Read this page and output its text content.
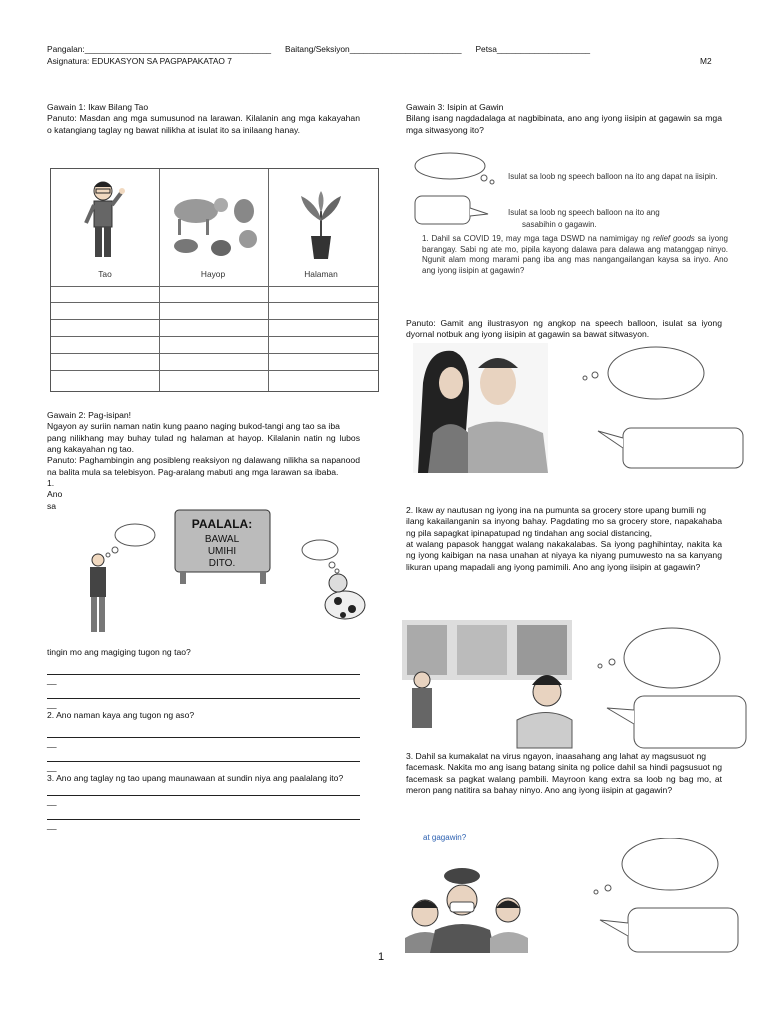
Pangalan:________________________________________      Baitang/Seksiyon________________________      Petsa____________________
Asignatura: EDUKASYON SA PAGPAPAKATAO 7	M2

Gawain 1: Ikaw Bilang Tao

Panuto: Masdan ang mga sumusunod na larawan. Kilalanin ang mga kakayahan o katangiang taglay ng bawat nilikha at isulat ito sa inilaang hanay.

Tao	Hayop	Halaman

Gawain 2: Pag-isipan!

Ngayon ay suriin naman natin kung paano naging bukod-tangi ang tao sa iba

pang nilikhang may buhay tulad ng halaman at hayop. Kilalanin natin ng lubos ang kakayahan ng tao.

Panuto: Paghambingin ang posibleng reaksiyon ng dalawang nilikha sa napanood na balita mula sa telebisyon. Pag-aralang mabuti ang mga larawan sa ibaba.

1.

Ano

sa

PAALALA:
BAWAL
UMIHI
DITO.

tingin mo ang magiging tugon ng tao?

__
__

2. Ano naman kaya ang tugon ng aso?

__
__

3. Ano ang taglay ng tao upang maunawaan at sundin niya ang paalalang ito?

__
__

Gawain 3: Isipin at Gawin

Bilang isang nagdadalaga at nagbibinata, ano ang iyong iisipin at gagawin sa mga mga sitwasyong ito?

Isulat sa loob ng speech balloon na ito ang dapat na iisipin.
Isulat sa loob ng speech balloon na ito ang
sasabihin o gagawin.
1. Dahil sa COVID 19, may mga taga DSWD na namimigay ng relief goods sa iyong barangay. Sabi ng ate mo, pipila kayong dalawa para dalawa ang matanggap ninyo. Ngunit alam mong marami pang iba ang mas nangangailangan kaysa sa inyo. Ano ang iyong iisipin at gagawin?
Panuto: Gamit ang ilustrasyon ng angkop na speech balloon, isulat sa iyong dyornal notbuk ang iyong iisipin at gagawin sa bawat sitwasyon.

2. Ikaw ay nautusan ng iyong ina na pumunta sa grocery store upang bumili ng

ilang kakailanganin sa inyong bahay. Pagdating mo sa grocery store, napakahaba ng pila sapagkat ipinapatupad ng tindahan ang social distancing,

at walang papasok hanggat walang nakakalabas. Sa iyong paghihintay, nakita ka ng iyong kaibigan na nasa unahan at niyaya ka niyang pumuwesto na sa kanyang likuran upang mapadali ang iyong pamimili. Ano ang iyong iisipin at gagawin?

3. Dahil sa kumakalat na virus ngayon, inaasahang ang lahat ay magsusuot ng

facemask. Nakita mo ang isang batang sinita ng police dahil sa hindi pagsusuot ng facemask sa pagkat walang pambili. Mayroon kang extra sa loob ng bag mo, at meron pang natitira sa bahay ninyo. Ano ang iyong iisipin at gagawin?

at gagawin?
1
